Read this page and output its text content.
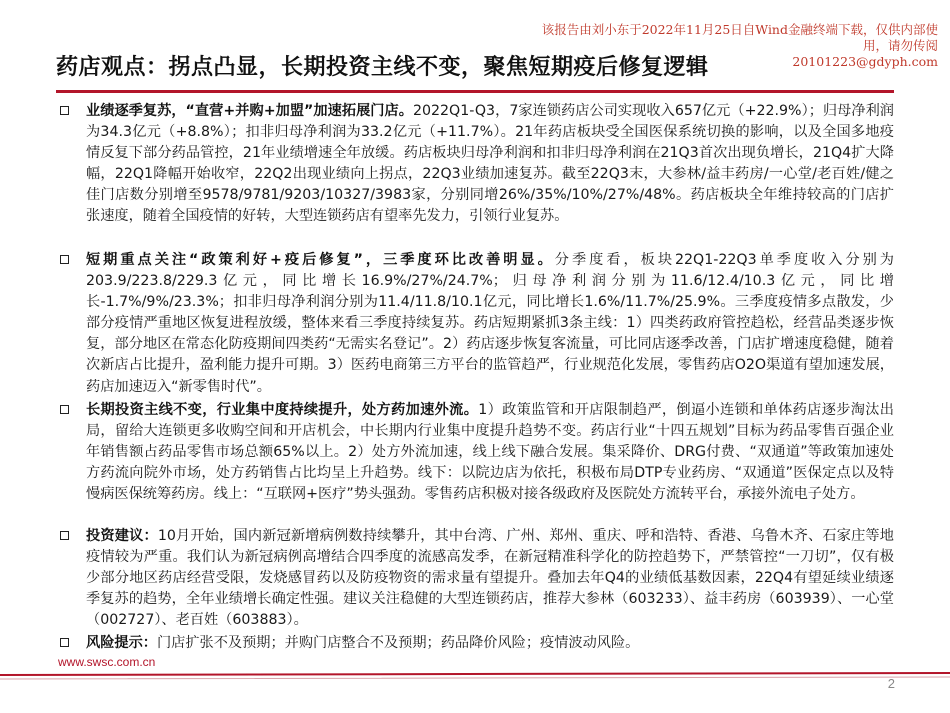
该报告由刘小东于2022年11月25日自Wind金融终端下载，仅供内部使用，请勿传阅
20101223@gdyph.com
药店观点：拐点凸显，长期投资主线不变，聚焦短期疫后修复逻辑
业绩逐季复苏，“直营+并购+加盟”加速拓展门店。2022Q1-Q3，7家连锁药店公司实现收入657亿元（+22.9%）；归母净利润为34.3亿元（+8.8%）；扣非归母净利润为33.2亿元（+11.7%）。21年药店板块受全国医保系统切换的影响，以及全国多地疫情反复下部分药品管控，21年业绩增速全年放缓。药店板块归母净利润和扣非归母净利润在21Q3首次出现负增长，21Q4扩大降幅，22Q1降幅开始收窄，22Q2出现业绩向上拐点，22Q3业绩加速复苏。截至22Q3末，大参林/益丰药房/一心堂/老百姓/健之佳门店数分别增至9578/9781/9203/10327/3983家，分别同增26%/35%/10%/27%/48%。药店板块全年维持较高的门店扩张速度，随着全国疫情的好转，大型连锁药店有望率先发力，引领行业复苏。
短期重点关注“政策利好+疫后修复”，三季度环比改善明显。分季度看，板块22Q1-22Q3单季度收入分别为203.9/223.8/229.3亿元，同比增长16.9%/27%/24.7%；归母净利润分别为11.6/12.4/10.3亿元，同比增长-1.7%/9%/23.3%；扣非归母净利润分别为11.4/11.8/10.1亿元，同比增长1.6%/11.7%/25.9%。三季度疫情多点散发，少部分疫情严重地区恢复进程放缓，整体来看三季度持续复苏。药店短期紧抓3条主线：1）四类药政府管控趋松，经营品类逐步恢复，部分地区在常态化防疫期间四类药“无需实名登记”。2）药店逐步恢复客流量，可比同店逐季改善，门店扩增速度稳健，随着次新店占比提升，盈利能力提升可期。3）医药电商第三方平台的监管趋严，行业规范化发展，零售药店O2O渠道有望加速发展，药店加速迈入“新零售时代”。
长期投资主线不变，行业集中度持续提升，处方药加速外流。1）政策监管和开店限制趋严，倒逼小连锁和单体药店逐步淘汰出局，留给大连锁更多收购空间和开店机会，中长期内行业集中度提升趋势不变。药店行业“十四五规划”目标为药品零售百强企业年销售额占药品零售市场总额65%以上。2）处方外流加速，线上线下融合发展。集采降价、DRG付费、“双通道”等政策加速处方药流向院外市场，处方药销售占比均呈上升趋势。线下：以院边店为依托，积极布局DTP专业药房、“双通道”医保定点以及特慢病医保统筹药房。线上：“互联网+医疗”势头强劲。零售药店积极对接各级政府及医院处方流转平台，承接外流电子处方。
投资建议：10月开始，国内新冠新增病例数持续攀升，其中台湾、广州、郑州、重庆、呼和浩特、香港、乌鲁木齐、石家庄等地疫情较为严重。我们认为新冠病例高增结合四季度的流感高发季，在新冠精准科学化的防控趋势下，严禁管控“一刀切”，仅有极少部分地区药店经营受限，发烧感冒药以及防疫物资的需求量有望提升。叠加去年Q4的业绩低基数因素，22Q4有望延续业绩逐季复苏的趋势，全年业绩增长确定性强。建议关注稳健的大型连锁药店，推荐大参林（603233）、益丰药房（603939）、一心堂（002727）、老百姓（603883）。
风险提示：门店扩张不及预期；并购门店整合不及预期；药品降价风险；疫情波动风险。
www.swsc.com.cn
2
